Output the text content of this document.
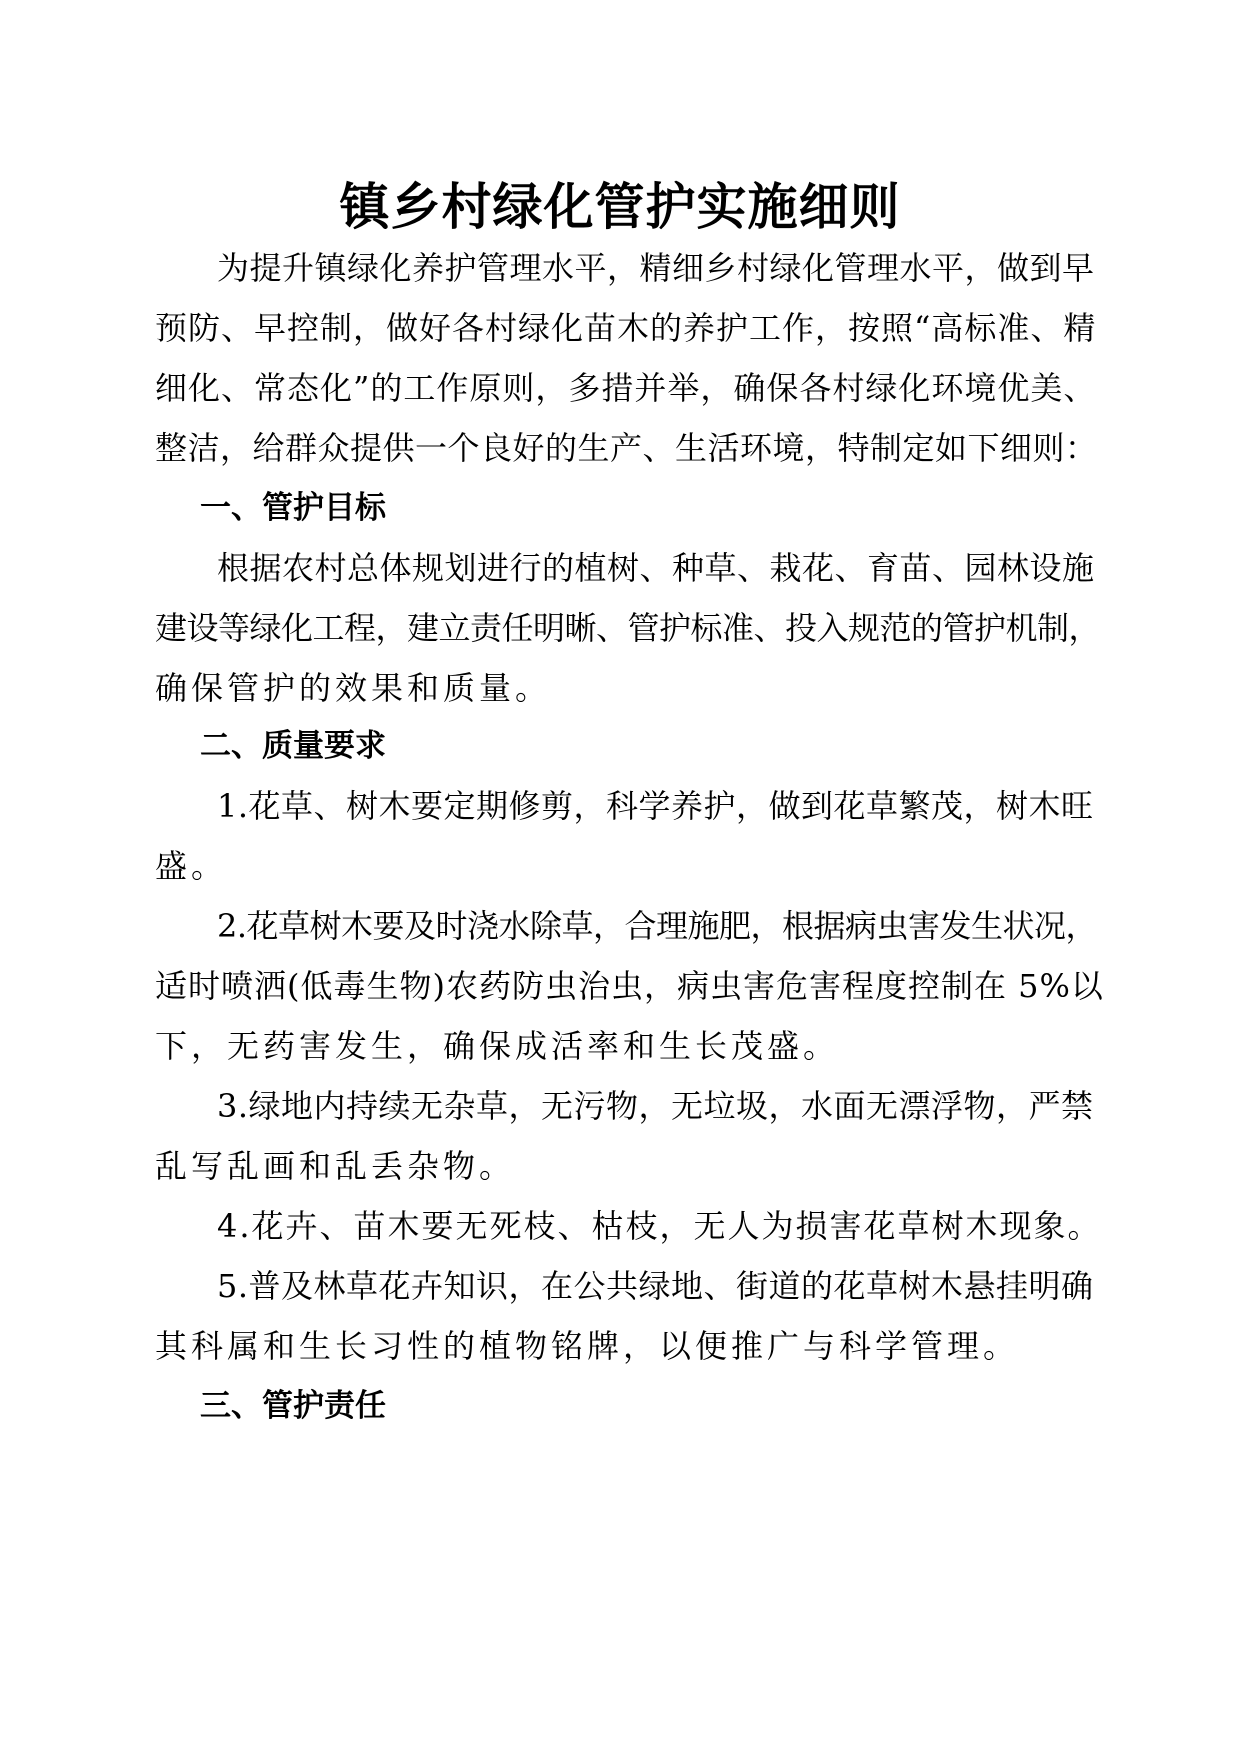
镇乡村绿化管护实施细则

为提升镇绿化养护管理水平，精细乡村绿化管理水平，做到早

预防、早控制，做好各村绿化苗木的养护工作，按照“高标准、精

细化、常态化”的工作原则，多措并举，确保各村绿化环境优美、

整洁，给群众提供一个良好的生产、生活环境，特制定如下细则：

一、管护目标

根据农村总体规划进行的植树、种草、栽花、育苗、园林设施

建设等绿化工程，建立责任明晰、管护标准、投入规范的管护机制，

确保管护的效果和质量。

二、质量要求

1.花草、树木要定期修剪，科学养护，做到花草繁茂，树木旺

盛。

2.花草树木要及时浇水除草，合理施肥，根据病虫害发生状况，

适时喷洒(低毒生物)农药防虫治虫，病虫害危害程度控制在 5%以

下，无药害发生，确保成活率和生长茂盛。

3.绿地内持续无杂草，无污物，无垃圾，水面无漂浮物，严禁

乱写乱画和乱丢杂物。

4.花卉、苗木要无死枝、枯枝，无人为损害花草树木现象。

5.普及林草花卉知识，在公共绿地、街道的花草树木悬挂明确

其科属和生长习性的植物铭牌，以便推广与科学管理。

三、管护责任
